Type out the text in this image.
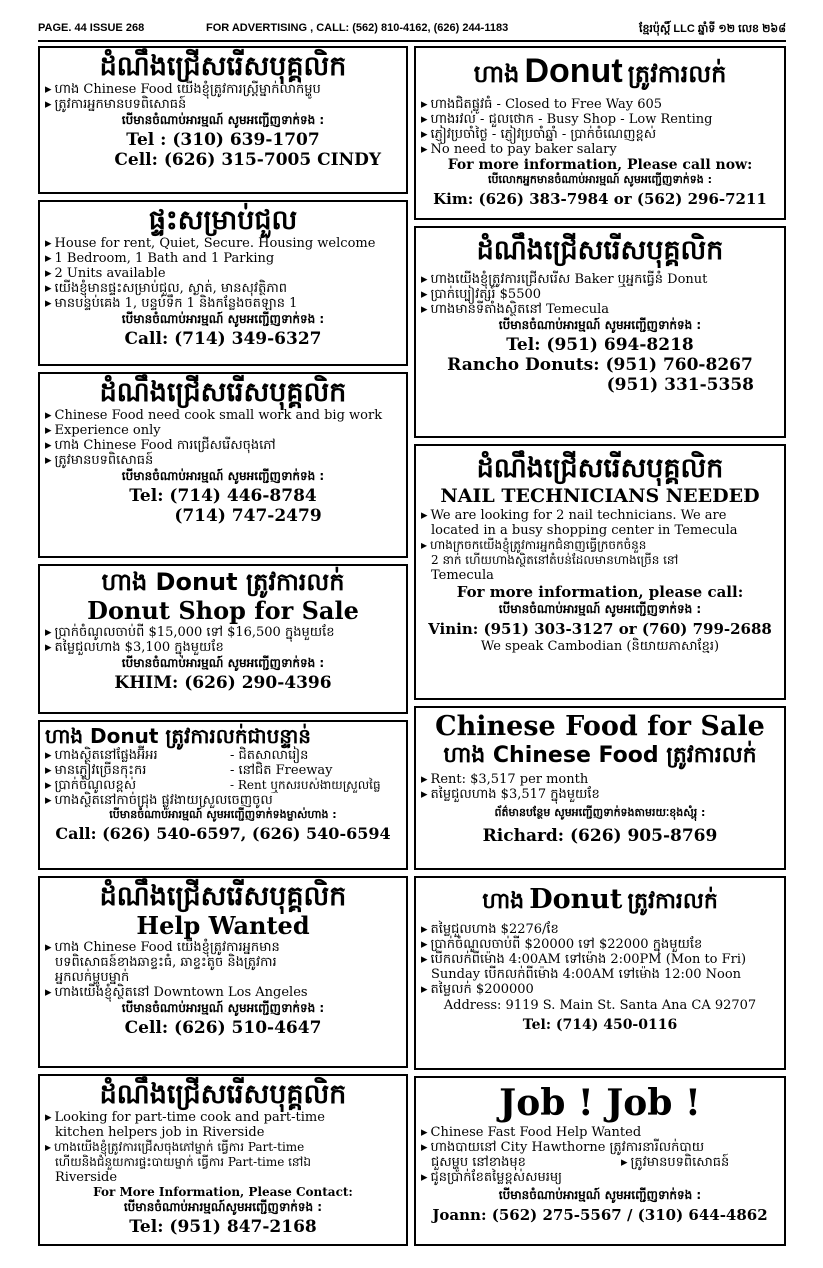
PAGE. 44 ISSUE 268	FOR ADVERTISING , CALL: (562) 810-4162, (626) 244-1183	ខ្មែរប៉ុស្ដិ៍ LLC ឆ្នាំទី ១២ លេខ ២៦៨
ដំណឹងជ្រើសរើសបុគ្គលិក
▸ ហាង Chinese Food យើងខ្ញុំត្រូវការស្រ្តីម្នាក់លាក់ម្ហូប
▸ ត្រូវការអ្នកមានបទពិសោធន៍
បើមានចំណាប់អារម្មណ៍ សូមអញ្ជើញទាក់ទង :
Tel : (310) 639-1707
Cell: (626) 315-7005 CINDY
ផ្ទះសម្រាប់ជួល
▸ House for rent, Quiet, Secure. Housing welcome
▸ 1 Bedroom, 1 Bath and 1 Parking
▸ 2 Units available
▸ យើងខ្ញុំមានផ្ទះសម្រាប់ជួល, ស្ងាត់, មានសុវត្ថិភាព
▸ មានបន្ទប់គេង 1, បន្ទប់ទឹក 1 និងកន្លែងចតឡាន 1
បើមានចំណាប់អារម្មណ៍ សូមអញ្ជើញទាក់ទង :
Call: (714) 349-6327
ដំណឹងជ្រើសរើសបុគ្គលិក
▸ Chinese Food need cook small work and big work
▸ Experience only
▸ ហាង Chinese Food ការជ្រើសរើសចុងភៅ
▸ ត្រូវមានបទពិសោធន៍
បើមានចំណាប់អារម្មណ៍ សូមអញ្ជើញទាក់ទង :
Tel: (714) 446-8784
(714) 747-2479
ហាង Donut ត្រូវការលក់
Donut Shop for Sale
▸ ប្រាក់ចំណូលចាប់ពី $15,000 ទៅ $16,500 ក្នុងមួយខែ
▸ តម្លៃជួលហាង $3,100 ក្នុងមួយខែ
បើមានចំណាប់អារម្មណ៍ សូមអញ្ជើញទាក់ទង :
KHIM: (626) 290-4396
ហាង Donut ត្រូវការលក់ជាបន្ទាន់
▸ ហាងស្ថិតនៅផ្លែងអ៊ីអរ	- ជិតសាលារៀន
▸ មានភ្ញៀវច្រើនកុះករ	- នៅជិត Freeway
▸ ប្រាក់ចំណូលខ្ពស់	- Rent ឬកសរបស់ងាយស្រួលធ្លៃ
▸ ហាងស្ថិតនៅកាច់ជ្រុង ផ្លូវងាយស្រួលចេញចូល
បើមានចំណាប់អារម្មណ៍ សូមអញ្ជើញទាក់ទងម្ចាស់ហាង :
Call: (626) 540-6597, (626) 540-6594
ដំណឹងជ្រើសរើសបុគ្គលិក
Help Wanted
▸ ហាង Chinese Food យើងខ្ញុំត្រូវការអ្នកមាន
បទពិសោធន៍ខាងឆាខ្ទះធំ, ឆាខ្ទះតូច និងត្រូវការ
អ្នកលក់ម្ហូបម្នាក់
▸ ហាងយើងខ្ញុំស្ថិតនៅ Downtown Los Angeles
បើមានចំណាប់អារម្មណ៍ សូមអញ្ជើញទាក់ទង :
Cell: (626) 510-4647
ដំណឹងជ្រើសរើសបុគ្គលិក
▸ Looking for part-time cook and part-time
kitchen helpers job in Riverside
▸ ហាងយើងខ្ញុំត្រូវការជ្រើសចុងភៅម្នាក់ ធ្វើការ Part-time
ហើយនិងជំនួយការផ្ទះបាយម្នាក់ ធ្វើការ Part-time នៅឯ
Riverside
For More Information, Please Contact:
បើមានចំណាប់អារម្មណ៍សូមអញ្ជើញទាក់ទង :
Tel: (951) 847-2168
ហាង Donut ត្រូវការលក់
▸ ហាងជិតផ្លូវធំ - Closed to Free Way 605
▸ ហាងរវល់ - ជួលថោក - Busy Shop - Low Renting
▸ ភ្ញៀវប្រចាំថ្ងៃ - ភ្ញៀវប្រចាំឆ្នាំ - ប្រាក់ចំណេញខ្ពស់
▸ No need to pay baker salary
For more information, Please call now:
បើលោកអ្នកមានចំណាប់អារម្មណ៍ សូមអញ្ជើញទាក់ទង :
Kim: (626) 383-7984 or (562) 296-7211
ដំណឹងជ្រើសរើសបុគ្គលិក
▸ ហាងយើងខ្ញុំត្រូវការជ្រើសរើស Baker ឬអ្នកធ្វើនំ Donut
▸ ប្រាក់ប្បៀវត្សរ៍ $5500
▸ ហាងមានទីតាំងស្ថិតនៅ Temecula
បើមានចំណាប់អារម្មណ៍ សូមអញ្ជើញទាក់ទង :
Tel: (951) 694-8218
Rancho Donuts: (951) 760-8267
(951) 331-5358
ដំណឹងជ្រើសរើសបុគ្គលិក
NAIL TECHNICIANS NEEDED
▸ We are looking for 2 nail technicians. We are
located in a busy shopping center in Temecula
▸ ហាងក្រចកយើងខ្ញុំត្រូវការអ្នកជំនាញធ្វើក្រចកចំនួន
2 នាក់ ហើយហាងស្ថិតនៅតំបន់ដែលមានហាងច្រើន នៅ
Temecula
For more information, please call:
បើមានចំណាប់អារម្មណ៍ សូមអញ្ជើញទាក់ទង :
Vinin: (951) 303-3127 or (760) 799-2688
We speak Cambodian (និយាយភាសាខ្មែរ)
Chinese Food for Sale
ហាង Chinese Food ត្រូវការលក់
▸ Rent: $3,517 per month
▸ តម្លៃជួលហាង $3,517 ក្នុងមួយខែ
ព័ត៌មានបន្ថែម សូមអញ្ជើញទាក់ទងតាមរយៈខុងសំរ្ពុ :
Richard: (626) 905-8769
ហាង Donut ត្រូវការលក់
▸ តម្លៃជួលហាង $2276/ខែ
▸ ប្រាក់ចំណូលចាប់ពី $20000 ទៅ $22000 ក្នុងមួយខែ
▸ បើកលក់ពីម៉ោង 4:00AM ទៅម៉ោង 2:00PM (Mon to Fri)
Sunday បើកលក់ពីម៉ោង 4:00AM ទៅម៉ោង 12:00 Noon
▸ តម្លៃលក់ $200000
Address: 9119 S. Main St. Santa Ana CA 92707
Tel: (714) 450-0116
Job ! Job !
▸ Chinese Fast Food Help Wanted
▸ ហាងបាយនៅ City Hawthorne ត្រូវការនារីលក់បាយ
ជួសម្ហូប នៅខាងមុខ
▸	ត្រូវមានបទពិសោធន៍
▸ ជូនប្រាក់ខែតម្លៃខ្ពស់សមរម្យ
បើមានចំណាប់អារម្មណ៍ សូមអញ្ជើញទាក់ទង :
Joann: (562) 275-5567 / (310) 644-4862
